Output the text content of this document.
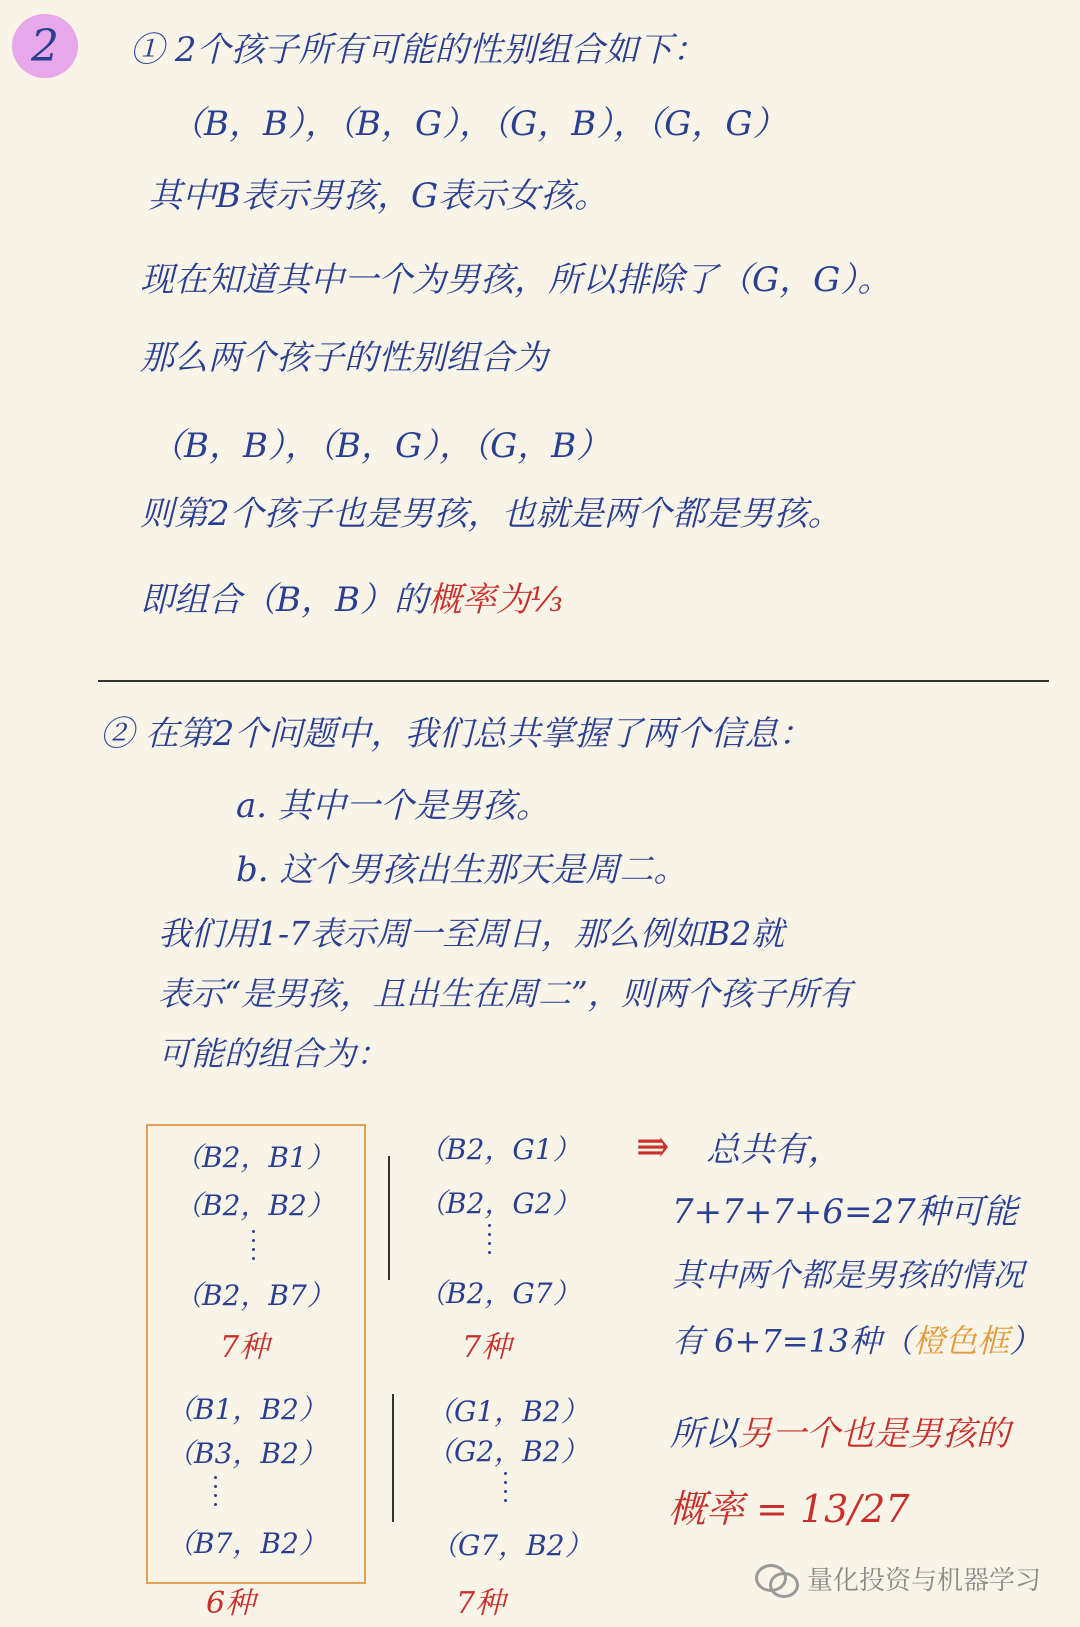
2 ① 2个孩子所有可能的性别组合如下：
（B，B），（B，G），（G，B），（G，G）
其中B表示男孩，G表示女孩。
现在知道其中一个为男孩，所以排除了（G，G）。
那么两个孩子的性别组合为
（B，B），（B，G），（G，B）
则第2个孩子也是男孩，也就是两个都是男孩。
即组合（B，B）的概率为⅓
② 在第2个问题中，我们总共掌握了两个信息：
a. 其中一个是男孩。
b. 这个男孩出生那天是周二。
我们用1-7表示周一至周日，那么例如B2就
表示“是男孩，且出生在周二”，则两个孩子所有
可能的组合为：
（B2，B1）
（B2，B2）
（B2，B7）
7种
（B2，G1）
（B2，G2）
（B2，G7）
7种
（B1，B2）
（B3，B2）
（B7，B2）
6种
（G1，B2）
（G2，B2）
（G7，B2）
7种
⇛ 总共有，
7+7+7+6=27种可能
其中两个都是男孩的情况
有 6+7=13种（橙色框）
所以另一个也是男孩的
概率 = 13/27
量化投资与机器学习
